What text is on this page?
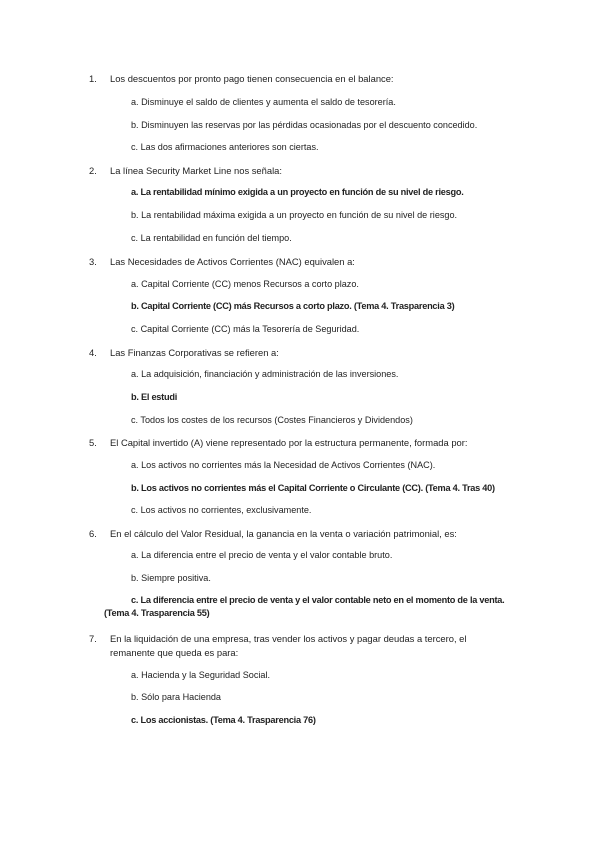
1. Los descuentos por pronto pago tienen consecuencia en el balance:
a. Disminuye el saldo de clientes y aumenta el saldo de tesorería.
b. Disminuyen las reservas por las pérdidas ocasionadas por el descuento concedido.
c. Las dos afirmaciones anteriores son ciertas.
2. La línea Security Market Line nos señala:
a. La rentabilidad mínimo exigida a un proyecto en función de su nivel de riesgo.
b. La rentabilidad máxima exigida a un proyecto en función de su nivel de riesgo.
c. La rentabilidad en función del tiempo.
3. Las Necesidades de Activos Corrientes (NAC) equivalen a:
a. Capital Corriente (CC) menos Recursos a corto plazo.
b. Capital Corriente (CC) más Recursos a corto plazo. (Tema 4. Trasparencia 3)
c. Capital Corriente (CC) más la Tesorería de Seguridad.
4. Las Finanzas Corporativas se refieren a:
a. La adquisición, financiación y administración de las inversiones.
b. El estudi
c. Todos los costes de los recursos (Costes Financieros y Dividendos)
5. El Capital invertido (A) viene representado por la estructura permanente, formada por:
a. Los activos no corrientes más la Necesidad de Activos Corrientes (NAC).
b. Los activos no corrientes más el Capital Corriente o Circulante (CC). (Tema 4. Tras 40)
c. Los activos no corrientes, exclusivamente.
6. En el cálculo del Valor Residual, la ganancia en la venta o variación patrimonial, es:
a. La diferencia entre el precio de venta y el valor contable bruto.
b. Siempre positiva.
c. La diferencia entre el precio de venta y el valor contable neto en el momento de la venta. (Tema 4. Trasparencia 55)
7. En la liquidación de una empresa, tras vender los activos y pagar deudas a tercero, el remanente que queda es para:
a. Hacienda y la Seguridad Social.
b. Sólo para Hacienda
c. Los accionistas. (Tema 4. Trasparencia 76)
